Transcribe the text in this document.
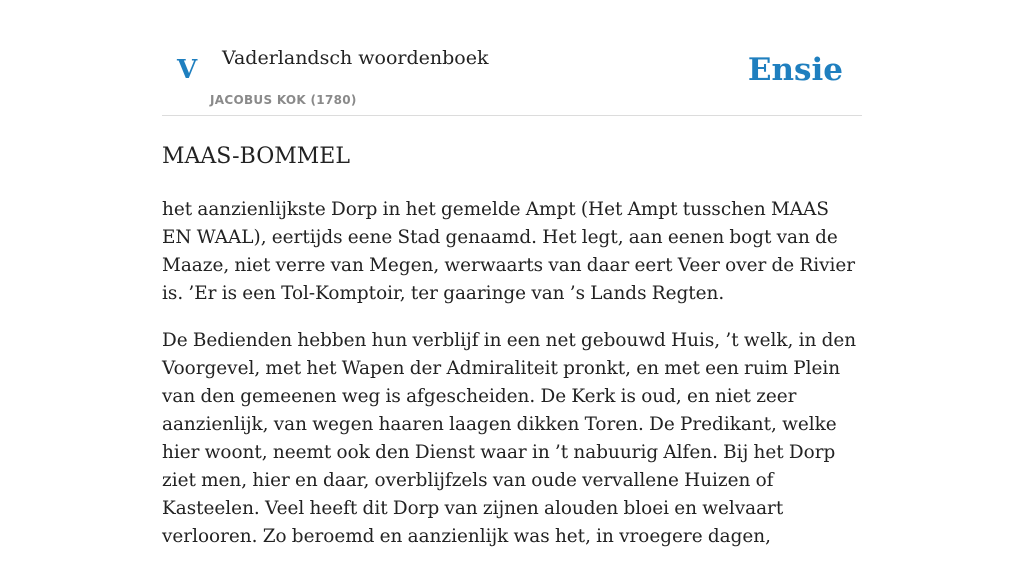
V Vaderlandsch woordenboek
JACOBUS KOK (1780)
Ensie
MAAS-BOMMEL

het aanzienlijkste Dorp in het gemelde Ampt (Het Ampt tusschen MAAS EN WAAL), eertijds eene Stad genaamd. Het legt, aan eenen bogt van de Maaze, niet verre van Megen, werwaarts van daar eert Veer over de Rivier is. ’Er is een Tol-Komptoir, ter gaaringe van ’s Lands Regten.

De Bedienden hebben hun verblijf in een net gebouwd Huis, ’t welk, in den Voorgevel, met het Wapen der Admiraliteit pronkt, en met een ruim Plein van den gemeenen weg is afgescheiden. De Kerk is oud, en niet zeer aanzienlijk, van wegen haaren laagen dikken Toren. De Predikant, welke hier woont, neemt ook den Dienst waar in ’t nabuurig Alfen. Bij het Dorp ziet men, hier en daar, overblijfzels van oude vervallene Huizen of Kasteelen. Veel heeft dit Dorp van zijnen alouden bloei en welvaart verlooren. Zo beroemd en aanzienlijk was het, in vroegere dagen,
